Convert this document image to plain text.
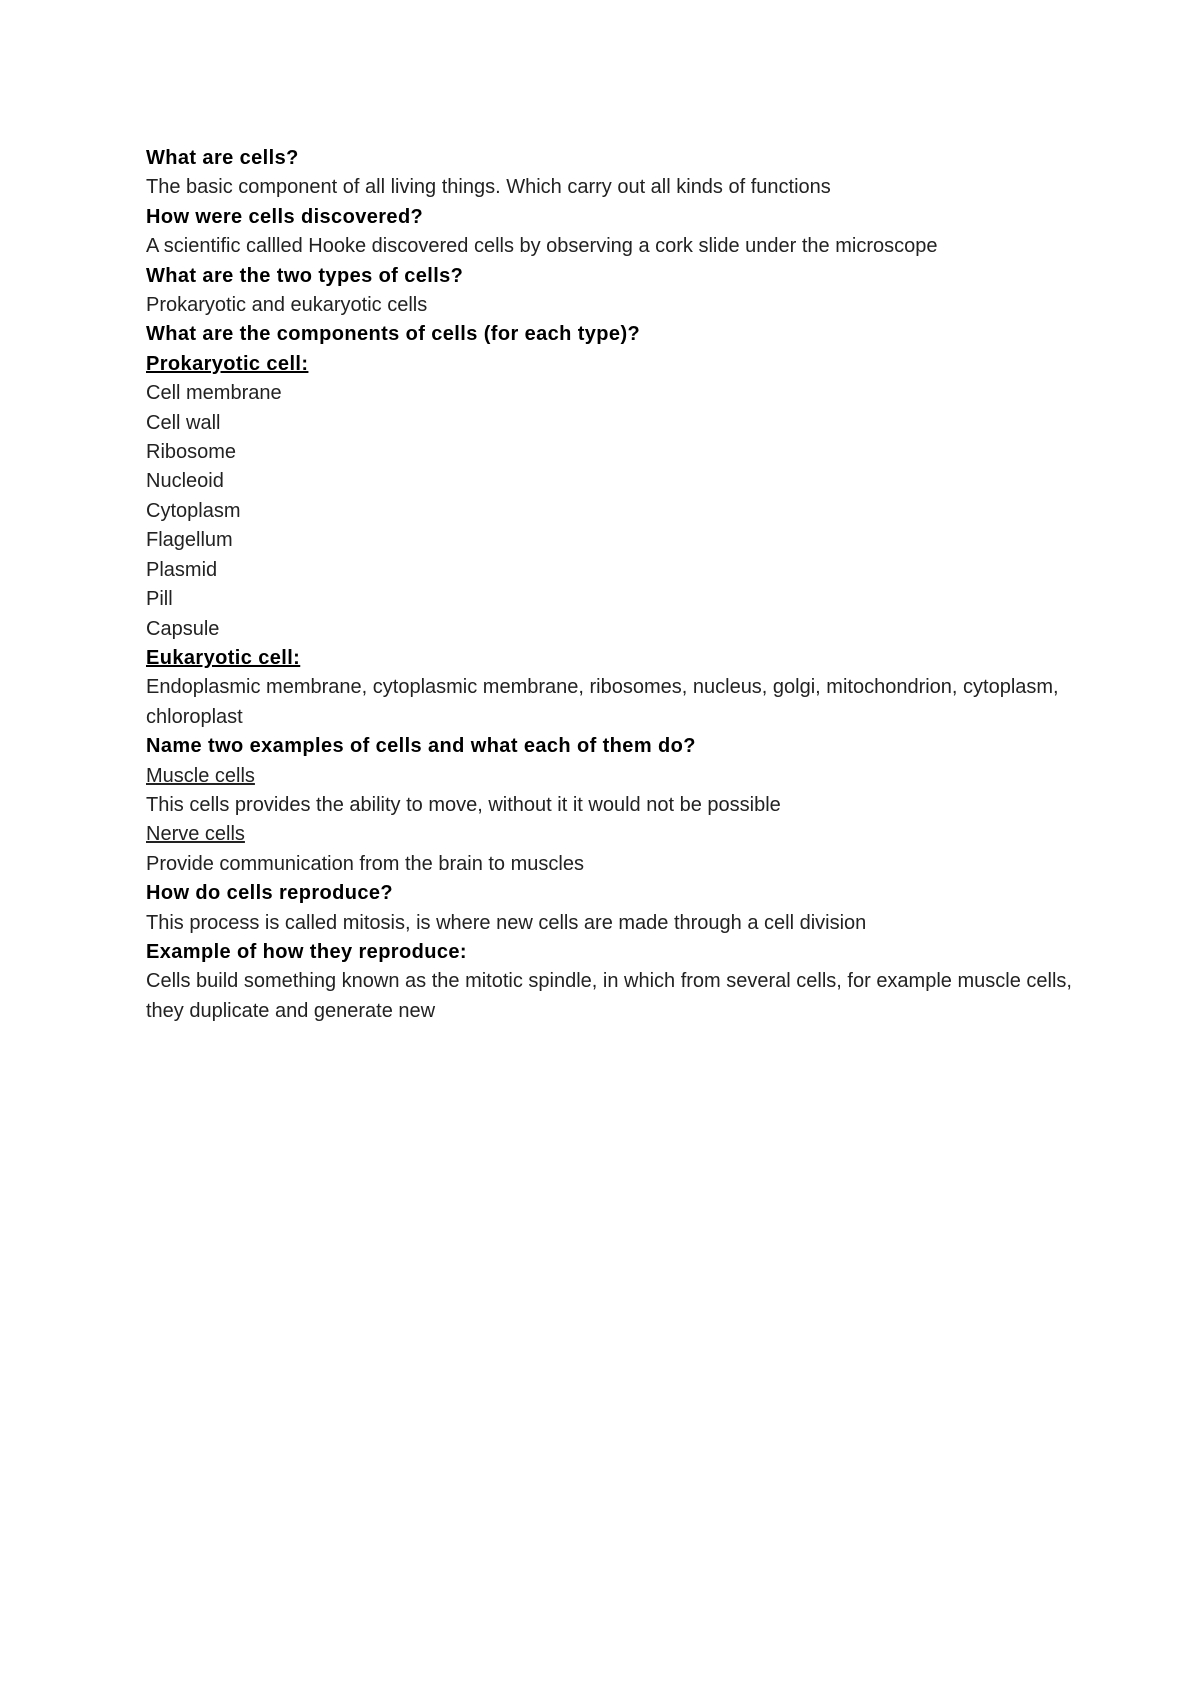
What are cells?

The basic component of all living things. Which carry out all kinds of functions

How were cells discovered?

A scientific callled Hooke discovered cells by observing a cork slide under the microscope

What are the two types of cells?

Prokaryotic and eukaryotic cells

What are the components of cells (for each type)?

Prokaryotic cell:

Cell membrane

Cell wall

Ribosome

Nucleoid

Cytoplasm

Flagellum

Plasmid

Pill

Capsule

Eukaryotic cell:

Endoplasmic membrane, cytoplasmic membrane, ribosomes, nucleus, golgi, mitochondrion, cytoplasm, chloroplast

Name two examples of cells and what each of them do?

Muscle cells

This cells provides the ability to move, without it it would not be possible

Nerve cells

Provide communication from the brain to muscles

How do cells reproduce?

This process is called mitosis, is where new cells are made through a cell division

Example of how they reproduce:

Cells build something known as the mitotic spindle, in which from several cells, for example muscle cells, they duplicate and generate new
